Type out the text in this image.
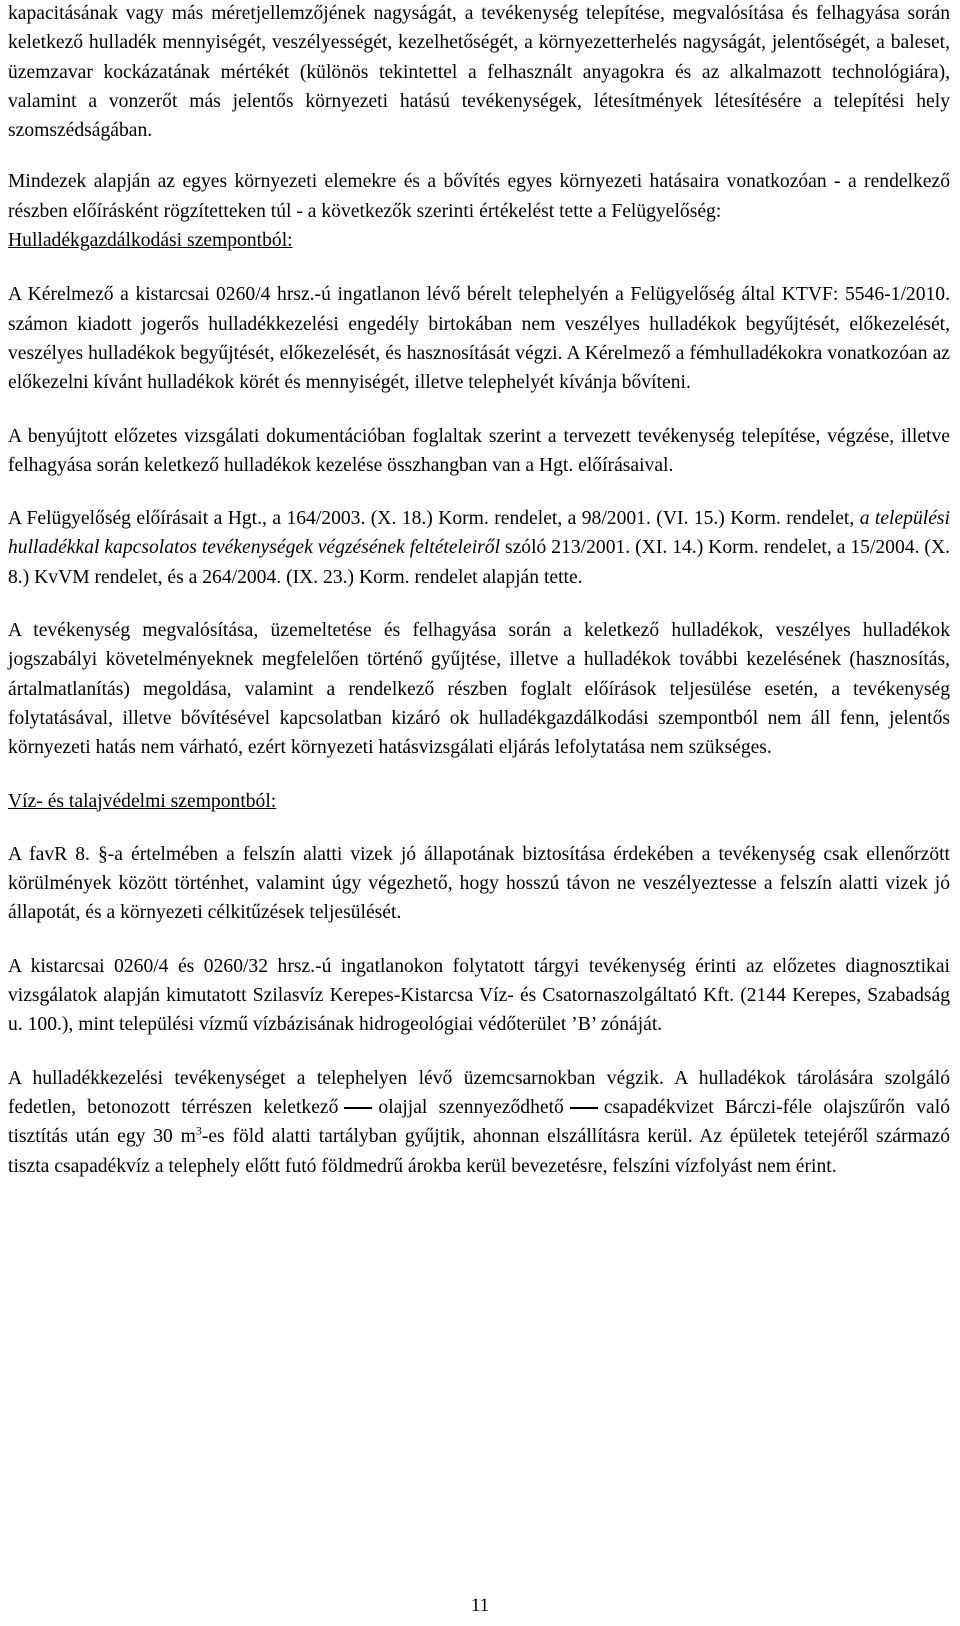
kapacitásának vagy más méretjellemzőjének nagyságát, a tevékenység telepítése, megvalósítása és felhagyása során keletkező hulladék mennyiségét, veszélyességét, kezelhetőségét, a környezetterhelés nagyságát, jelentőségét, a baleset, üzemzavar kockázatának mértékét (különös tekintettel a felhasznált anyagokra és az alkalmazott technológiára), valamint a vonzerőt más jelentős környezeti hatású tevékenységek, létesítmények létesítésére a telepítési hely szomszédságában.

Mindezek alapján az egyes környezeti elemekre és a bővítés egyes környezeti hatásaira vonatkozóan - a rendelkező részben előírásként rögzítetteken túl - a következők szerinti értékelést tette a Felügyelőség:

Hulladékgazdálkodási szempontból:

A Kérelmező a kistarcsai 0260/4 hrsz.-ú ingatlanon lévő bérelt telephelyén a Felügyelőség által KTVF: 5546-1/2010. számon kiadott jogerős hulladékkezelési engedély birtokában nem veszélyes hulladékok begyűjtését, előkezelését, veszélyes hulladékok begyűjtését, előkezelését, és hasznosítását végzi. A Kérelmező a fémhulladékokra vonatkozóan az előkezelni kívánt hulladékok körét és mennyiségét, illetve telephelyét kívánja bővíteni.

A benyújtott előzetes vizsgálati dokumentációban foglaltak szerint a tervezett tevékenység telepítése, végzése, illetve felhagyása során keletkező hulladékok kezelése összhangban van a Hgt. előírásaival.

A Felügyelőség előírásait a Hgt., a 164/2003. (X. 18.) Korm. rendelet, a 98/2001. (VI. 15.) Korm. rendelet, a települési hulladékkal kapcsolatos tevékenységek végzésének feltételeiről szóló 213/2001. (XI. 14.) Korm. rendelet, a 15/2004. (X. 8.) KvVM rendelet, és a 264/2004. (IX. 23.) Korm. rendelet alapján tette.

A tevékenység megvalósítása, üzemeltetése és felhagyása során a keletkező hulladékok, veszélyes hulladékok jogszabályi követelményeknek megfelelően történő gyűjtése, illetve a hulladékok további kezelésének (hasznosítás, ártalmatlanítás) megoldása, valamint a rendelkező részben foglalt előírások teljesülése esetén, a tevékenység folytatásával, illetve bővítésével kapcsolatban kizáró ok hulladékgazdálkodási szempontból nem áll fenn, jelentős környezeti hatás nem várható, ezért környezeti hatásvizsgálati eljárás lefolytatása nem szükséges.

Víz- és talajvédelmi szempontból:

A favR 8. §-a értelmében a felszín alatti vizek jó állapotának biztosítása érdekében a tevékenység csak ellenőrzött körülmények között történhet, valamint úgy végezhető, hogy hosszú távon ne veszélyeztesse a felszín alatti vizek jó állapotát, és a környezeti célkitűzések teljesülését.

A kistarcsai 0260/4 és 0260/32 hrsz.-ú ingatlanokon folytatott tárgyi tevékenység érinti az előzetes diagnosztikai vizsgálatok alapján kimutatott Szilasvíz Kerepes-Kistarcsa Víz- és Csatornaszolgáltató Kft. (2144 Kerepes, Szabadság u. 100.), mint települési vízmű vízbázisának hidrogeológiai védőterület ’B’ zónáját.

A hulladékkezelési tevékenységet a telephelyen lévő üzemcsarnokban végzik. A hulladékok tárolására szolgáló fedetlen, betonozott térrészen keletkező olajjal szennyeződhető csapadékvizet Bárczi-féle olajszűrőn való tisztítás után egy 30 $m^3-es$ föld alatti tartályban gyűjtik, ahonnan elszállításra kerül. Az épületek tetejéről származó tiszta csapadékvíz a telephely előtt futó földmedrű árokba kerül bevezetésre, felszíni vízfolyást nem érint.

11
